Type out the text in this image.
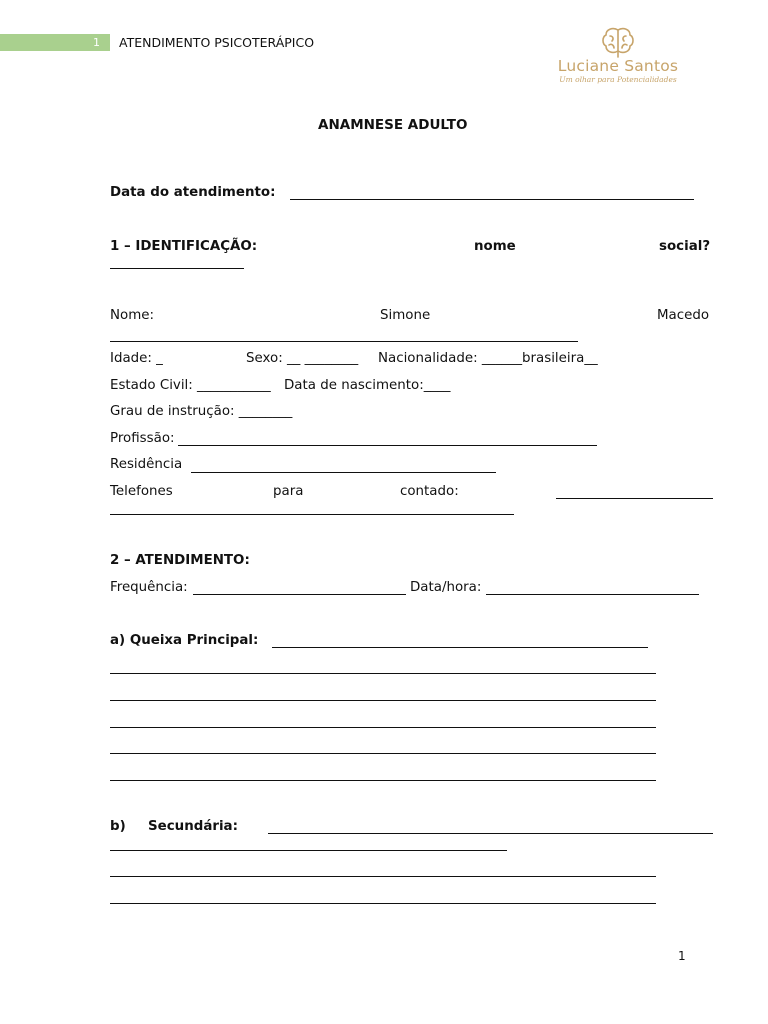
1 ATENDIMENTO PSICOTERÁPICO
Luciane Santos
Um olhar para Potencialidades
ANAMNESE ADULTO
Data do atendimento:
1 – IDENTIFICAÇÃO:	nome	social?
Nome:	Simone	Macedo
Idade: _	Sexo: __ ________ Nacionalidade: ______brasileira__
Estado Civil: ___________ Data de nascimento:____
Grau de instrução: ________
Profissão:
Residência
Telefones	para	contado:
2 – ATENDIMENTO:
Frequência:	Data/hora:
a) Queixa Principal:
b) Secundária:
1
